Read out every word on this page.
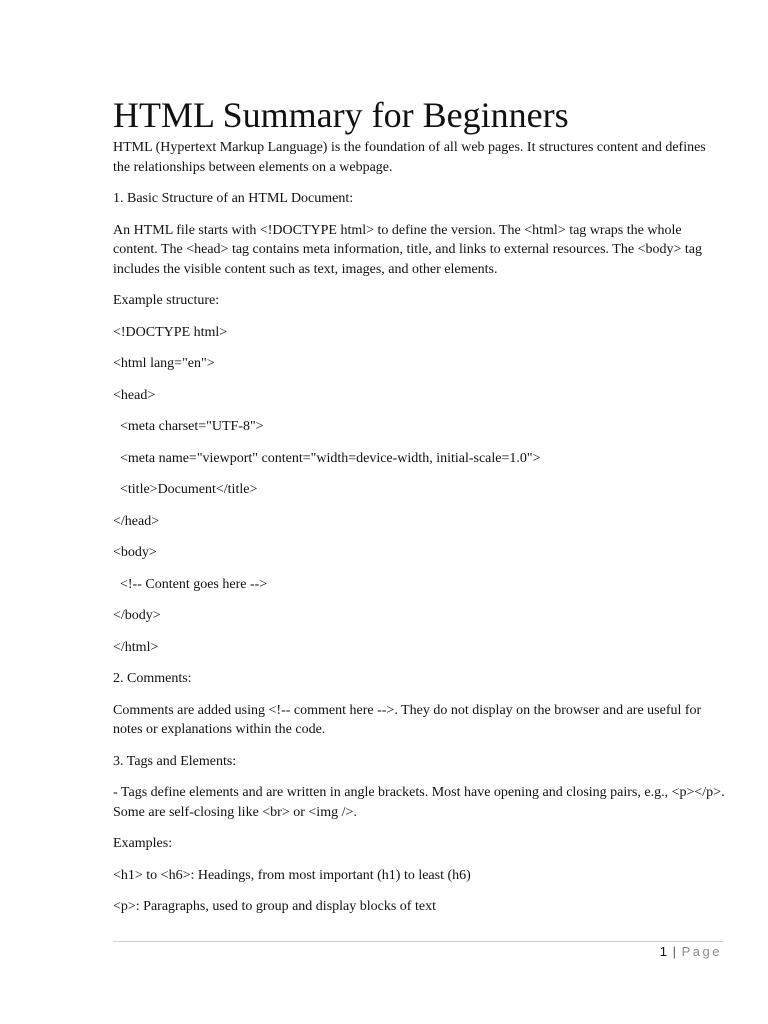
HTML Summary for Beginners

HTML (Hypertext Markup Language) is the foundation of all web pages. It structures content and defines the relationships between elements on a webpage.

1. Basic Structure of an HTML Document:

An HTML file starts with <!DOCTYPE html> to define the version. The <html> tag wraps the whole content. The <head> tag contains meta information, title, and links to external resources. The <body> tag includes the visible content such as text, images, and other elements.

Example structure:

<!DOCTYPE html>

<html lang="en">

<head>

<meta charset="UTF-8">

<meta name="viewport" content="width=device-width, initial-scale=1.0">

<title>Document</title>

</head>

<body>

<!-- Content goes here -->

</body>

</html>

2. Comments:

Comments are added using <!-- comment here -->. They do not display on the browser and are useful for notes or explanations within the code.

3. Tags and Elements:

- Tags define elements and are written in angle brackets. Most have opening and closing pairs, e.g., <p></p>. Some are self-closing like <br> or <img />.

Examples:

<h1> to <h6>: Headings, from most important (h1) to least (h6)

<p>: Paragraphs, used to group and display blocks of text

1 | Page
